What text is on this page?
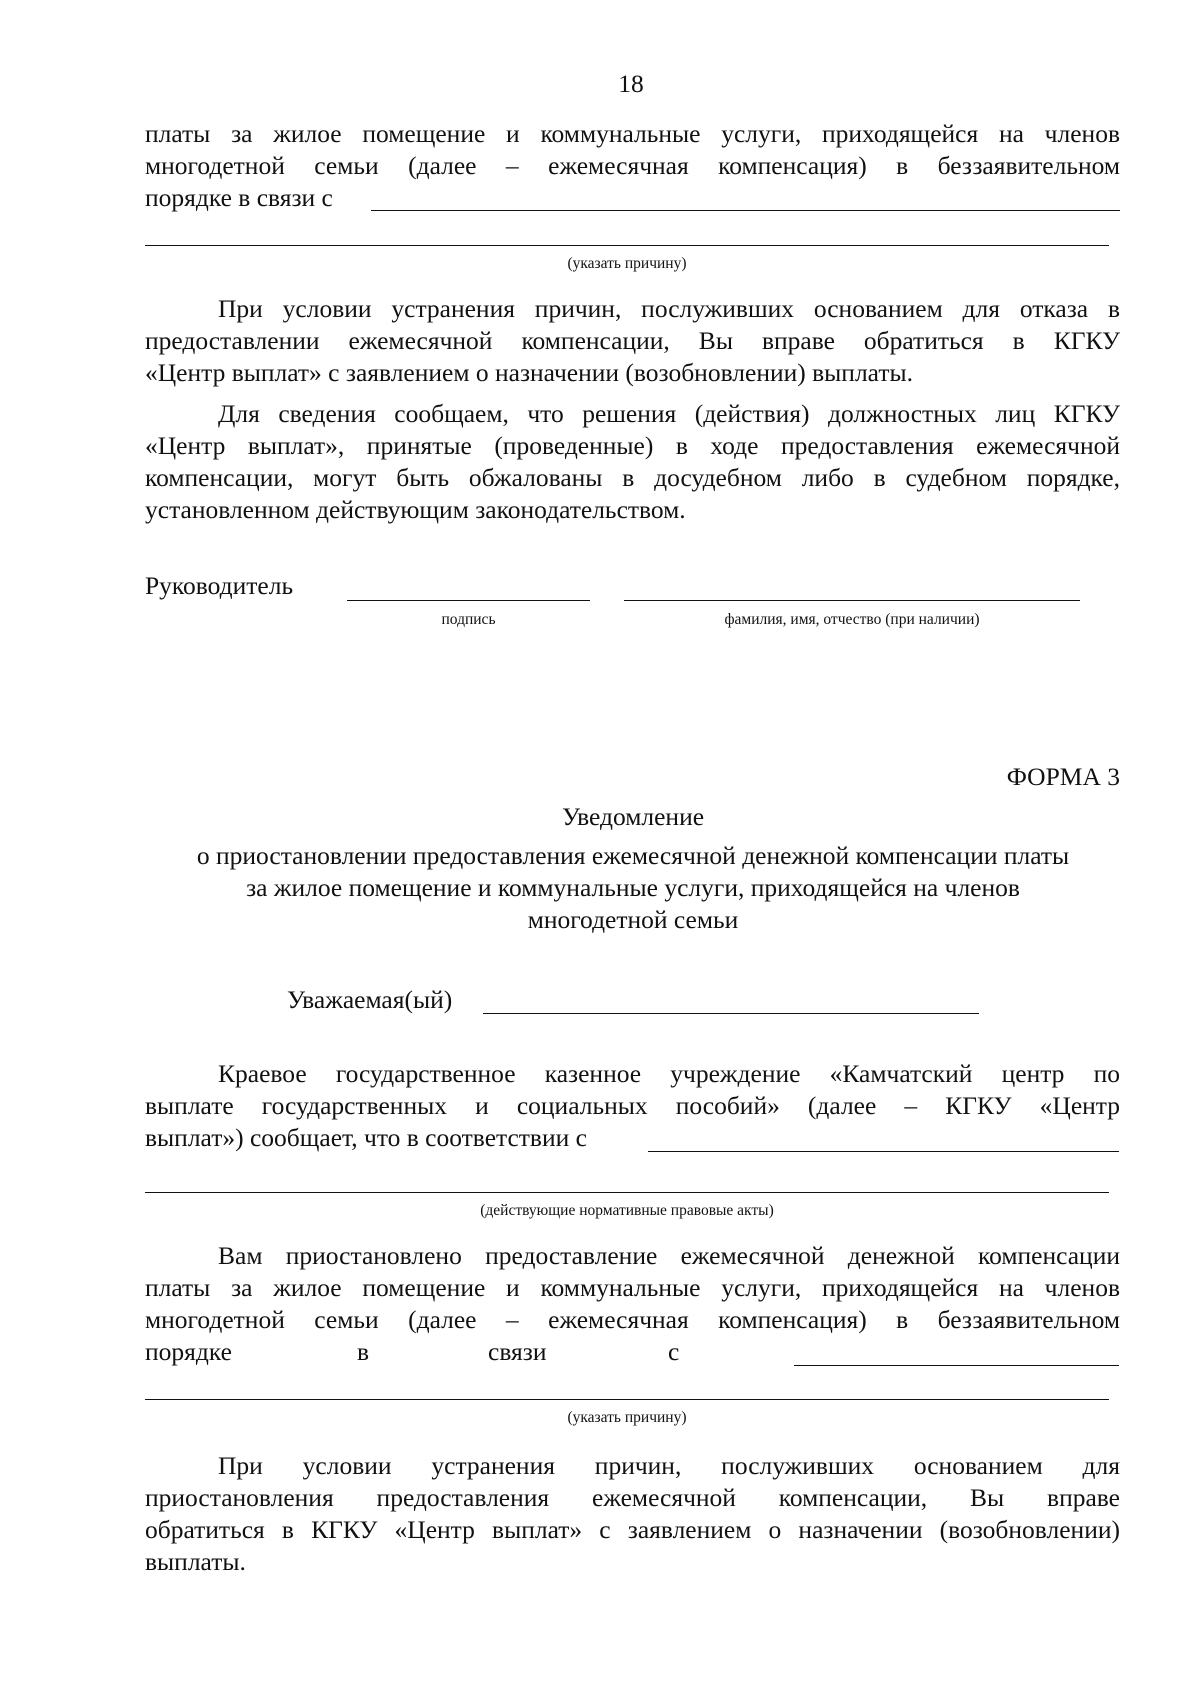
18
платы за жилое помещение и коммунальные услуги, приходящейся на членов
многодетной семьи (далее – ежемесячная компенсация) в беззаявительном
порядке в связи с
(указать причину)
При условии устранения причин, послуживших основанием для отказа в
предоставлении ежемесячной компенсации, Вы вправе обратиться в КГКУ
«Центр выплат» с заявлением о назначении (возобновлении) выплаты.
Для сведения сообщаем, что решения (действия) должностных лиц КГКУ
«Центр выплат», принятые (проведенные) в ходе предоставления ежемесячной
компенсации, могут быть обжалованы в досудебном либо в судебном порядке,
установленном действующим законодательством.
Руководитель
подпись	фамилия, имя, отчество (при наличии)
ФОРМА 3
Уведомление
о приостановлении предоставления ежемесячной денежной компенсации платы
за жилое помещение и коммунальные услуги, приходящейся на членов
многодетной семьи
Уважаемая(ый)
Краевое государственное казенное учреждение «Камчатский центр по
выплате государственных и социальных пособий» (далее – КГКУ «Центр
выплат») сообщает, что в соответствии с
(действующие нормативные правовые акты)
Вам приостановлено предоставление ежемесячной денежной компенсации
платы за жилое помещение и коммунальные услуги, приходящейся на членов
многодетной семьи (далее – ежемесячная компенсация) в беззаявительном
порядке	в	связи	с
(указать причину)
При условии устранения причин, послуживших основанием для
приостановления предоставления ежемесячной компенсации, Вы вправе
обратиться в КГКУ «Центр выплат» с заявлением о назначении (возобновлении)
выплаты.
